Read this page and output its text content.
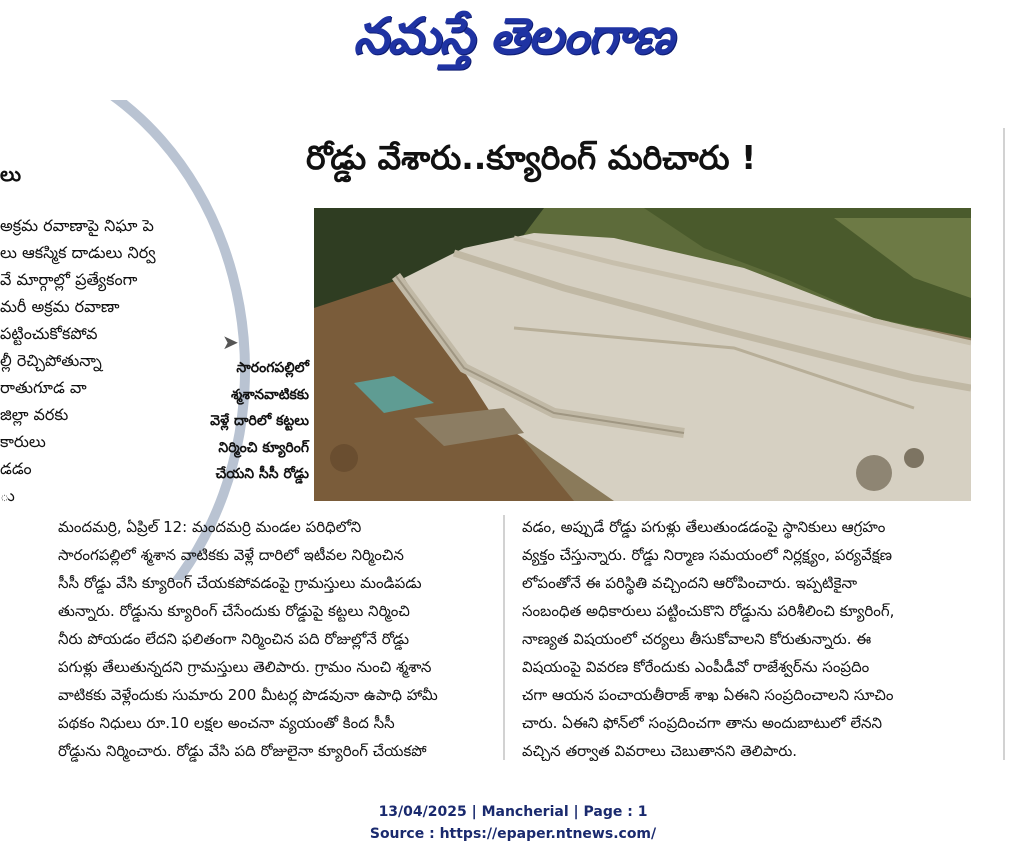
నమస్తే తెలంగాణ
లు
అక్రమ రవాణాపై నిఘా పె
లు ఆకస్మిక దాడులు నిర్వ
వే మార్గాల్లో ప్రత్యేకంగా
మరీ అక్రమ రవాణా
పట్టించుకోకపోవ
ల్లీ రెచ్చిపోతున్నా
రాతుగూడ వా
జిల్లా వరకు
కారులు
డడం
ు
రోడ్డు వేశారు..క్యూరింగ్ మరిచారు !
➤
సారంగపల్లిలో
శ్మశానవాటికకు
వెళ్లే దారిలో కట్టలు
నిర్మించి క్యూరింగ్
చేయని సీసీ రోడ్డు
మందమర్రి, ఏప్రిల్ 12: మందమర్రి మండల పరిధిలోని
సారంగపల్లిలో శ్మశాన వాటికకు వెళ్లే దారిలో ఇటీవల నిర్మించిన
సీసీ రోడ్డు వేసి క్యూరింగ్ చేయకపోవడంపై గ్రామస్తులు మండిపడు
తున్నారు. రోడ్డును క్యూరింగ్ చేసేందుకు రోడ్డుపై కట్టలు నిర్మించి
నీరు పోయడం లేదని ఫలితంగా నిర్మించిన పది రోజుల్లోనే రోడ్డు
పగుళ్లు తేలుతున్నదని గ్రామస్తులు తెలిపారు. గ్రామం నుంచి శ్మశాన
వాటికకు వెళ్లేందుకు సుమారు 200 మీటర్ల పొడవునా ఉపాధి హామీ
పథకం నిధులు రూ.10 లక్షల అంచనా వ్యయంతో కింద సీసీ
రోడ్డును నిర్మించారు. రోడ్డు వేసి పది రోజులైనా క్యూరింగ్ చేయకపో
వడం, అప్పుడే రోడ్డు పగుళ్లు తేలుతుండడంపై స్థానికులు ఆగ్రహం
వ్యక్తం చేస్తున్నారు. రోడ్డు నిర్మాణ సమయంలో నిర్లక్ష్యం, పర్యవేక్షణ
లోపంతోనే ఈ పరిస్థితి వచ్చిందని ఆరోపించారు. ఇప్పటికైనా
సంబంధిత అధికారులు పట్టించుకొని రోడ్డును పరిశీలించి క్యూరింగ్,
నాణ్యత విషయంలో చర్యలు తీసుకోవాలని కోరుతున్నారు. ఈ
విషయంపై వివరణ కోరేందుకు ఎంపీడీవో రాజేశ్వర్‌ను సంప్రదిం
చగా ఆయన పంచాయతీరాజ్ శాఖ ఏఈని సంప్రదించాలని సూచిం
చారు. ఏఈని ఫోన్‌లో సంప్రదించగా తాను అందుబాటులో లేనని
వచ్చిన తర్వాత వివరాలు చెబుతానని తెలిపారు.
13/04/2025 | Mancherial | Page : 1
Source : https://epaper.ntnews.com/
